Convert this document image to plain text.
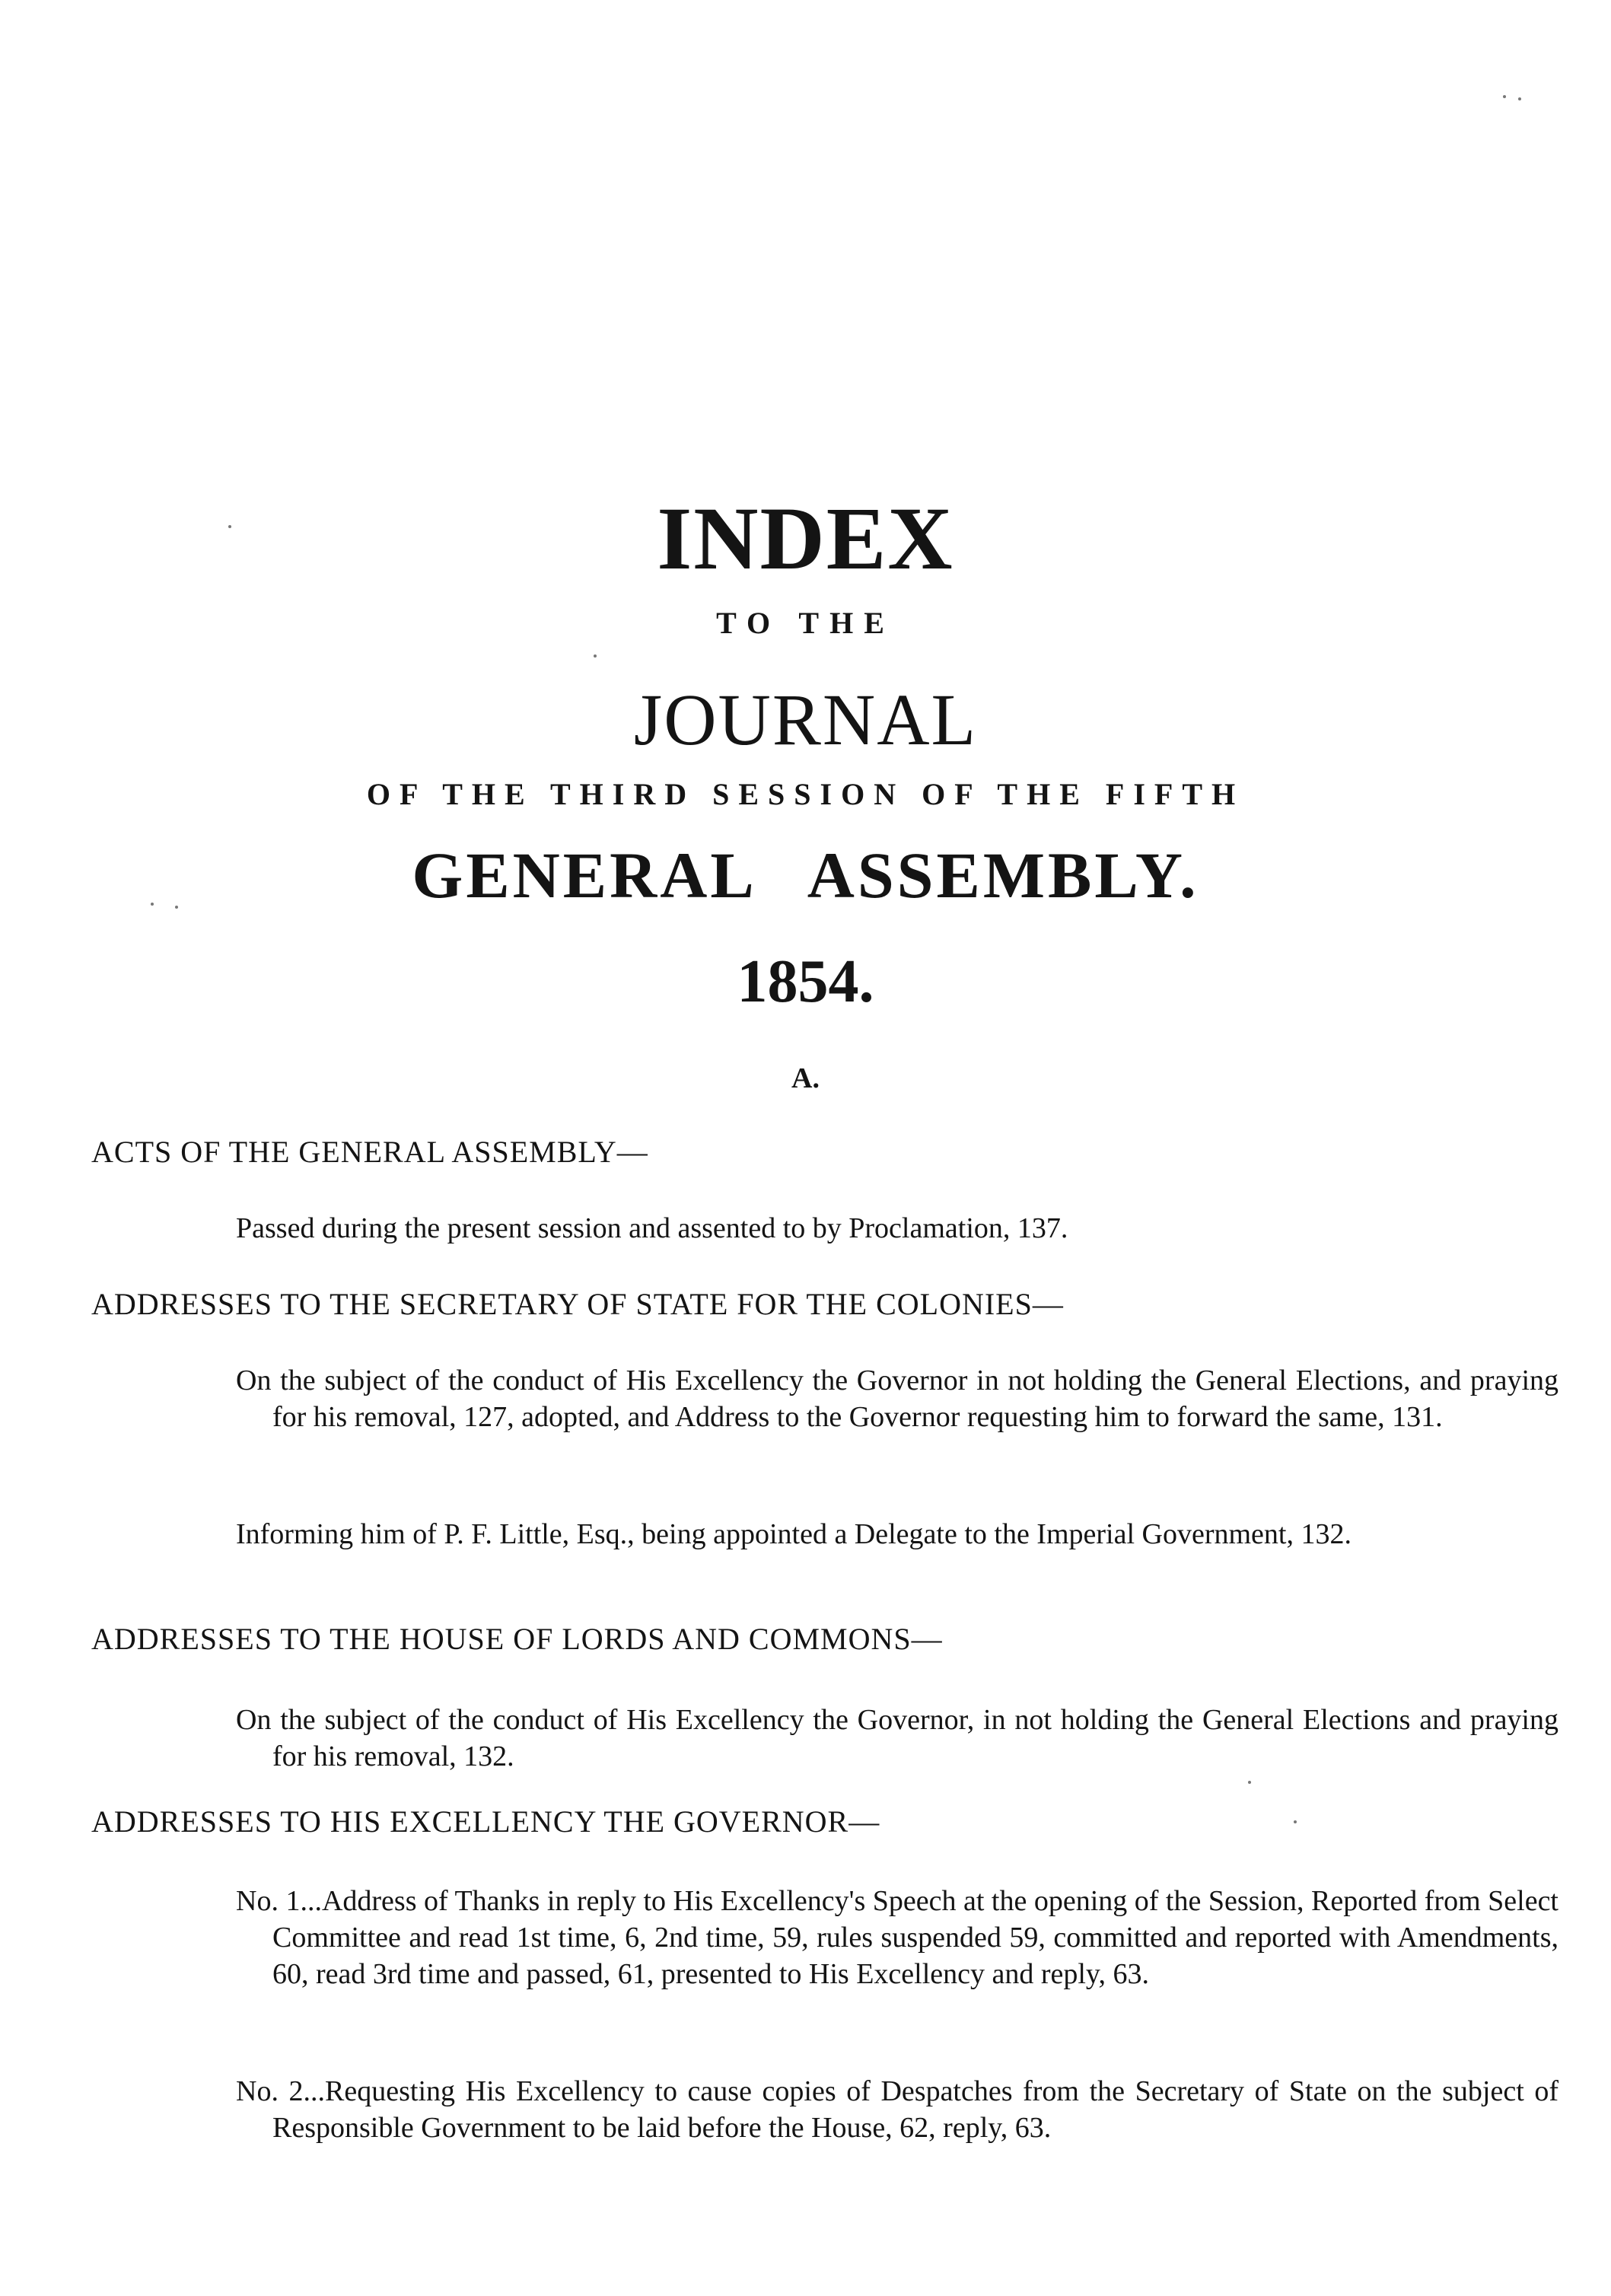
INDEX
TO THE
JOURNAL
OF THE THIRD SESSION OF THE FIFTH
GENERAL ASSEMBLY.
1854.
A.
ACTS OF THE GENERAL ASSEMBLY—
Passed during the present session and assented to by Proclamation, 137.
ADDRESSES TO THE SECRETARY OF STATE FOR THE COLONIES—
On the subject of the conduct of His Excellency the Governor in not holding the General Elections, and praying for his removal, 127, adopted, and Address to the Governor requesting him to forward the same, 131.
Informing him of P. F. Little, Esq., being appointed a Delegate to the Imperial Government, 132.
ADDRESSES TO THE HOUSE OF LORDS AND COMMONS—
On the subject of the conduct of His Excellency the Governor, in not holding the General Elections and praying for his removal, 132.
ADDRESSES TO HIS EXCELLENCY THE GOVERNOR—
No. 1...Address of Thanks in reply to His Excellency's Speech at the opening of the Session, Reported from Select Committee and read 1st time, 6, 2nd time, 59, rules suspended 59, committed and reported with Amendments, 60, read 3rd time and passed, 61, presented to His Excellency and reply, 63.
No. 2...Requesting His Excellency to cause copies of Despatches from the Secretary of State on the subject of Responsible Government to be laid before the House, 62, reply, 63.
